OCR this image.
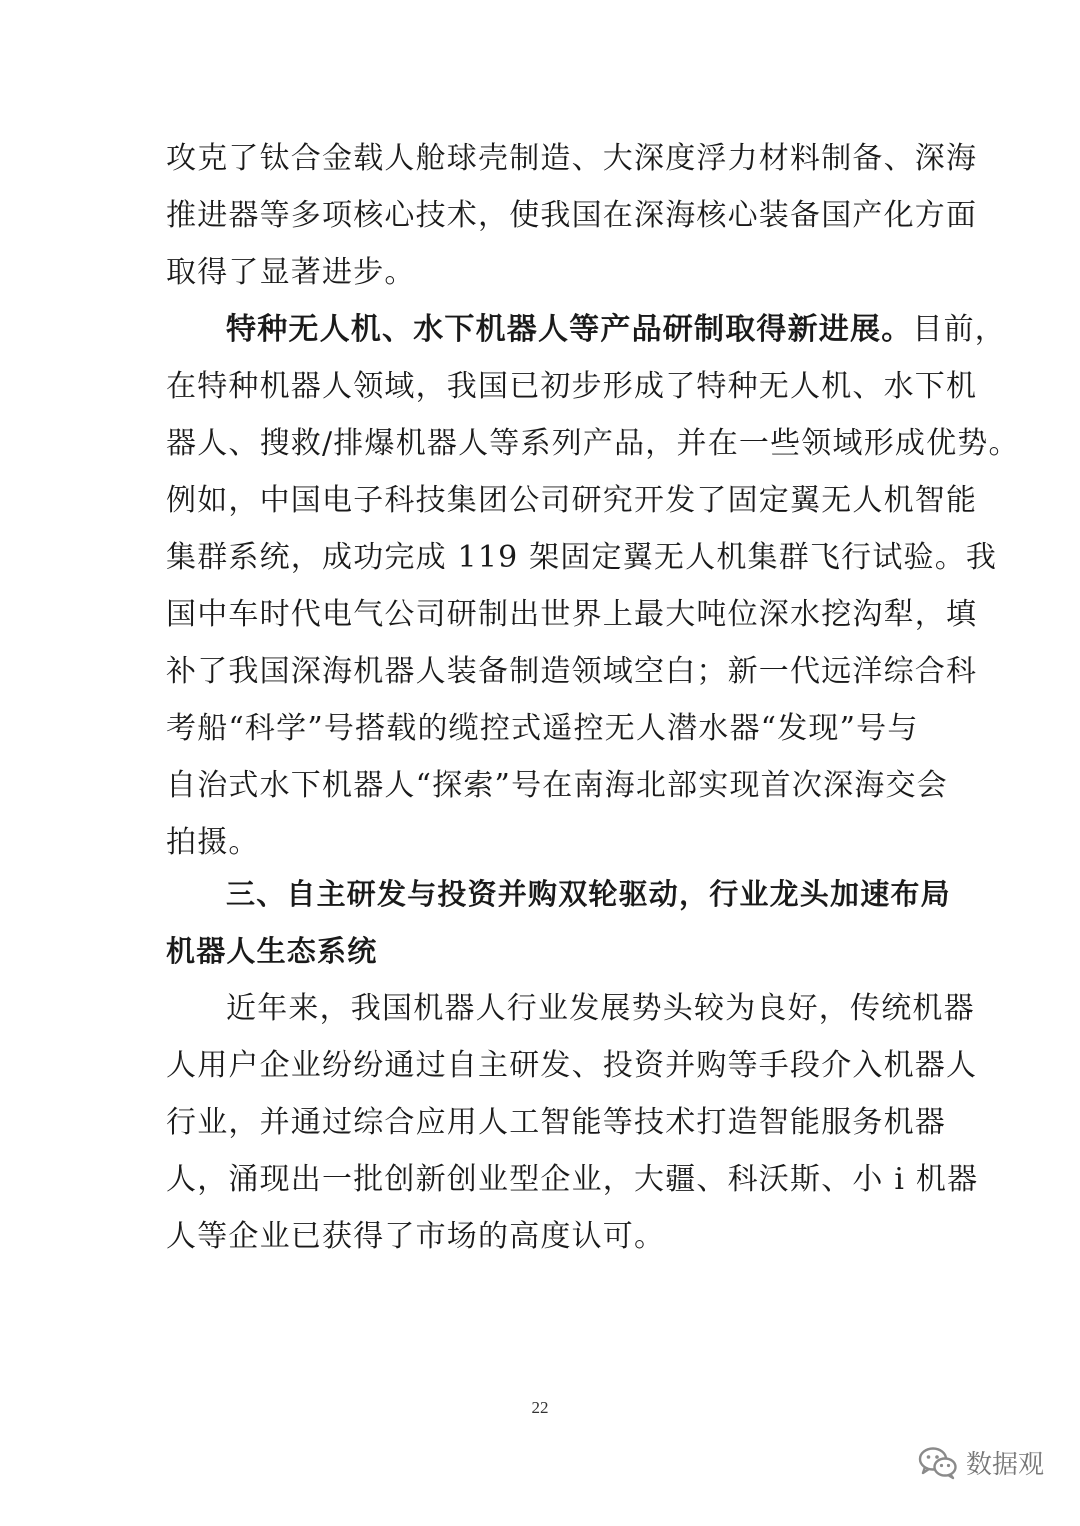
攻克了钛合金载人舱球壳制造、大深度浮力材料制备、深海
推进器等多项核心技术，使我国在深海核心装备国产化方面
取得了显著进步。
特种无人机、水下机器人等产品研制取得新进展。目前，
在特种机器人领域，我国已初步形成了特种无人机、水下机
器人、搜救/排爆机器人等系列产品，并在一些领域形成优势。
例如，中国电子科技集团公司研究开发了固定翼无人机智能
集群系统，成功完成 119 架固定翼无人机集群飞行试验。我
国中车时代电气公司研制出世界上最大吨位深水挖沟犁，填
补了我国深海机器人装备制造领域空白；新一代远洋综合科
考船“科学”号搭载的缆控式遥控无人潜水器“发现”号与
自治式水下机器人“探索”号在南海北部实现首次深海交会
拍摄。
三、自主研发与投资并购双轮驱动，行业龙头加速布局
机器人生态系统
近年来，我国机器人行业发展势头较为良好，传统机器
人用户企业纷纷通过自主研发、投资并购等手段介入机器人
行业，并通过综合应用人工智能等技术打造智能服务机器
人，涌现出一批创新创业型企业，大疆、科沃斯、小 i 机器
人等企业已获得了市场的高度认可。
22
数据观
